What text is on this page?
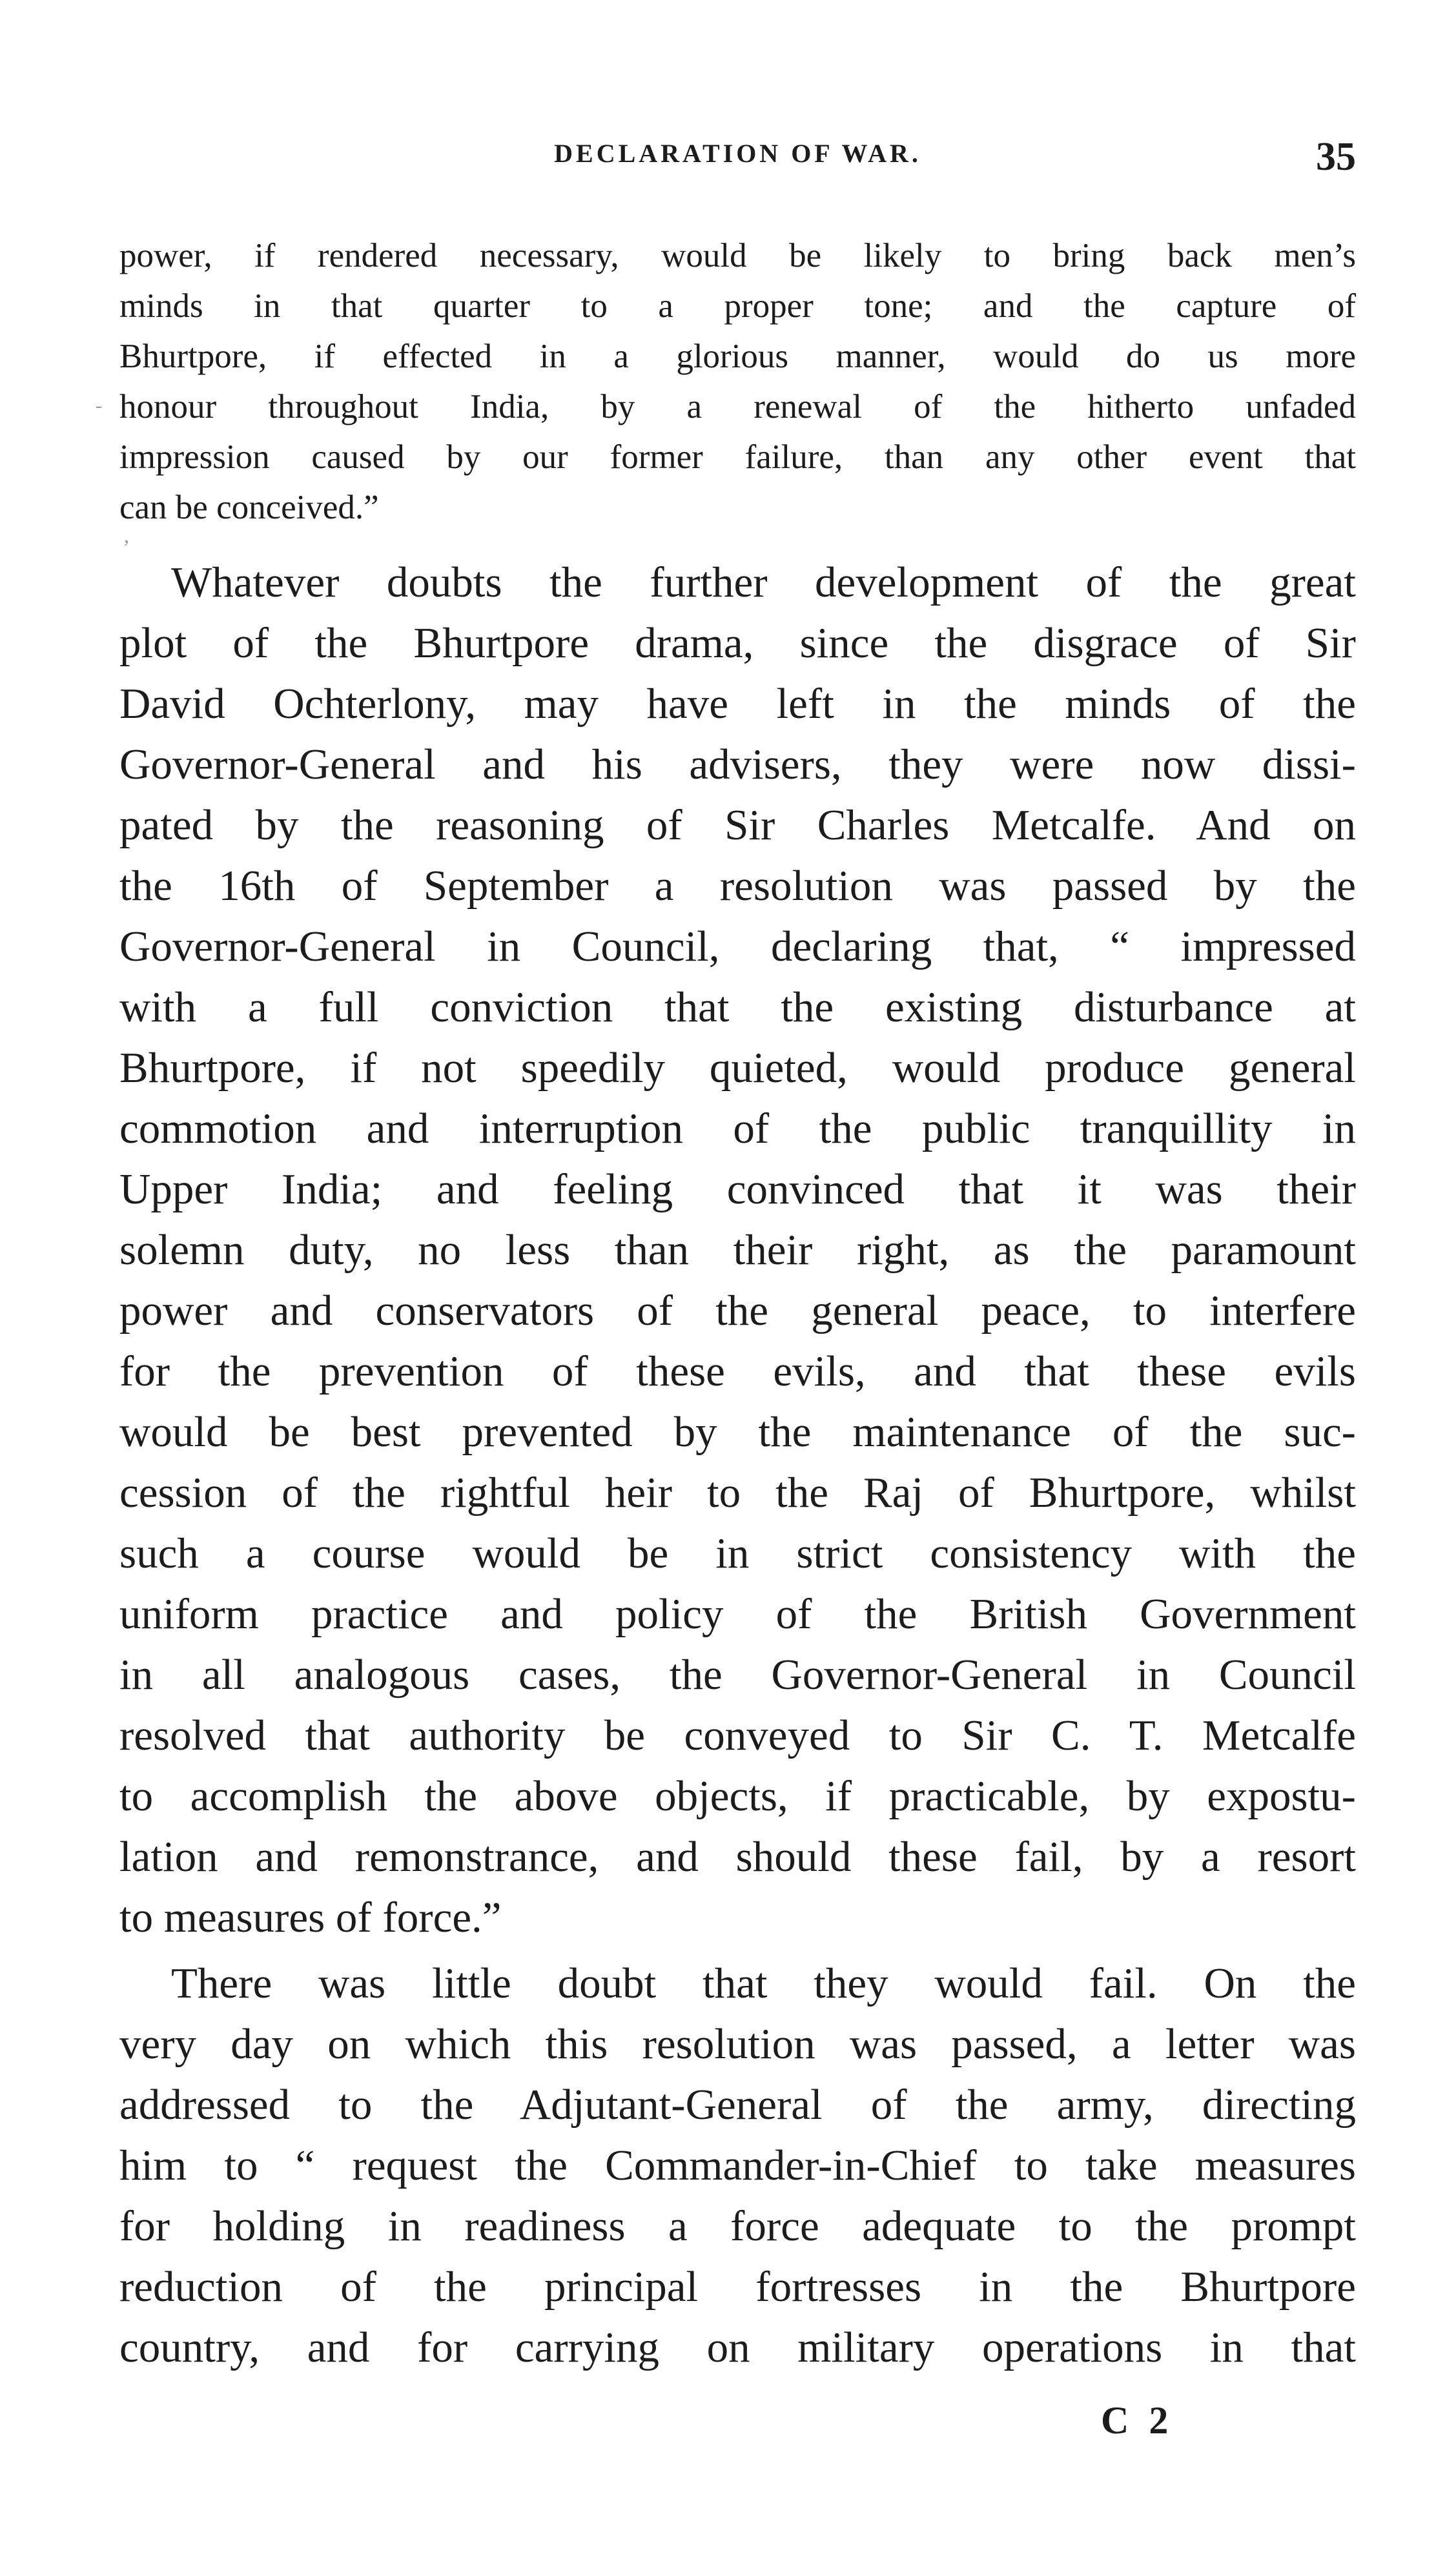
DECLARATION OF WAR.	35
-
’
power, if rendered necessary, would be likely to bring back men’s
minds in that quarter to a proper tone; and the capture of
Bhurtpore, if effected in a glorious manner, would do us more
honour throughout India, by a renewal of the hitherto unfaded
impression caused by our former failure, than any other event that
can be conceived.”
Whatever doubts the further development of the great
plot of the Bhurtpore drama, since the disgrace of Sir
David Ochterlony, may have left in the minds of the
Governor-General and his advisers, they were now dissi-
pated by the reasoning of Sir Charles Metcalfe. And on
the 16th of September a resolution was passed by the
Governor-General in Council, declaring that, “ impressed
with a full conviction that the existing disturbance at
Bhurtpore, if not speedily quieted, would produce general
commotion and interruption of the public tranquillity in
Upper India; and feeling convinced that it was their
solemn duty, no less than their right, as the paramount
power and conservators of the general peace, to interfere
for the prevention of these evils, and that these evils
would be best prevented by the maintenance of the suc-
cession of the rightful heir to the Raj of Bhurtpore, whilst
such a course would be in strict consistency with the
uniform practice and policy of the British Government
in all analogous cases, the Governor-General in Council
resolved that authority be conveyed to Sir C. T. Metcalfe
to accomplish the above objects, if practicable, by expostu-
lation and remonstrance, and should these fail, by a resort
to measures of force.”
There was little doubt that they would fail. On the
very day on which this resolution was passed, a letter was
addressed to the Adjutant-General of the army, directing
him to “ request the Commander-in-Chief to take measures
for holding in readiness a force adequate to the prompt
reduction of the principal fortresses in the Bhurtpore
country, and for carrying on military operations in that
C 2
